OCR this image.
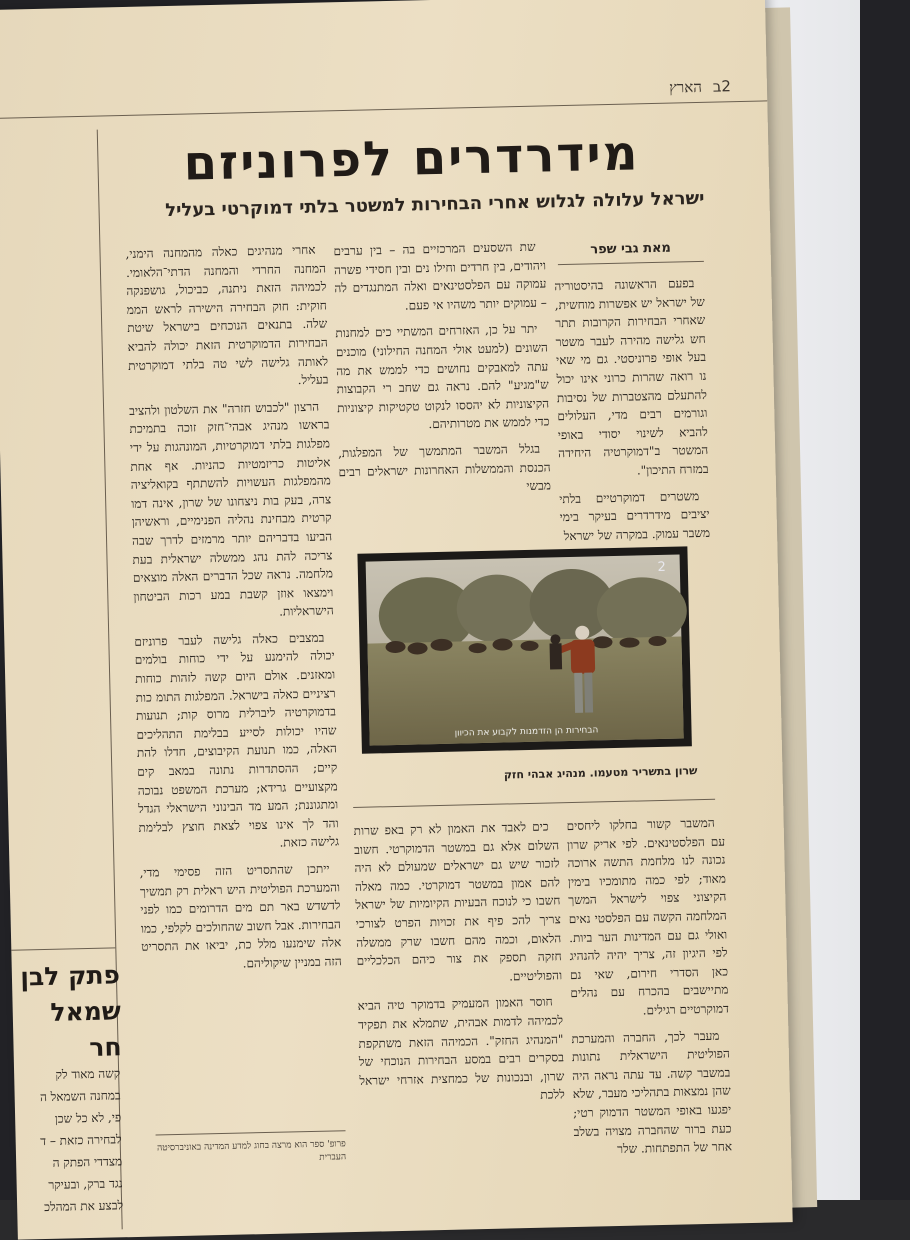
2ב הארץ
מידרדרים לפרוניזם
ישראל עלולה לגלוש אחרי הבחירות למשטר בלתי דמוקרטי בעליל
מאת גבי שפר

בפעם הראשונה בהיסטוריה של ישראל יש אפשרות מוחשית, שאחרי הבחירות הקרובות תתר חש גלישה מהירה לעבר משטר בעל אופי פרוניסטי. גם מי שאי נו רואה שהרות כרוני אינו יכול להתעלם מהצטברות של נסיבות וגורמים רבים מדי, העלולים להביא לשינוי יסודי באופי המשטר ב"דמוקרטיה היחידה במזרח התיכון".

משטרים דמוקרטיים בלתי יציבים מידרדרים בעיקר בימי משבר עמוק. במקרה של ישראל

שת השסעים המרכזיים בה – בין ערבים ויהודים, בין חרדים וחילו נים ובין חסידי פשרה עמוקה עם הפלסטינאים ואלה המתנגדים לה – עמוקים יותר משהיו אי פעם.

יתר על כן, האזרחים המשתיי כים למחנות השונים (למעט אולי המחנה החילוני) מוכנים עתה למאבקים נחושים כדי לממש את מה ש"מגיע" להם. נראה גם שחב רי הקבוצות הקיצוניות לא יהססו לנקוט טקטיקות קיצוניות כדי לממש את מטרותיהם.

בגלל המשבר המתמשך של המפלגות, הכנסת והממשלות האחרונות ישראלים רבים מבשי

אחרי מנהיגים כאלה מהמחנה הימני, המחנה החרדי והמחנה הדתי־הלאומי. לכמיהה הזאת ניתנה, כביכול, גושפנקה חוקית: חוק הבחירה הישירה לראש הממ שלה. בתנאים הנוכחים בישראל שיטת הבחירות הדמוקרטית הזאת יכולה להביא לאותה גלישה לשי טה בלתי דמוקרטית בעליל.

הרצון "לכבוש חזרה" את השלטון ולהציב בראשו מנהיג אבהי־חזק זוכה בתמיכת מפלגות בלתי דמוקרטיות, המונהגות על ידי אליטות כריזמטיות כהניות. אף אחת מהמפלגות העשויות להשתתף בקואליציה צרה, בעק בות ניצחונו של שרון, אינה דמו קרטית מבחינת נהליה הפנימיים, וראשיהן הביעו בדבריהם יותר מרמזים לדרך שבה צריכה להת נהג ממשלה ישראלית בעת מלחמה. נראה שכל הדברים האלה מוצאים וימצאו אוזן קשבת במע רכות הביטחון הישראליות.

במצבים כאלה גלישה לעבר פרוניזם יכולה להימנע על ידי כוחות בולמים ומאזנים. אולם היום קשה לזהות כוחות רציניים כאלה בישראל. המפלגות התומ כות בדמוקרטיה ליברלית מרוס קות; תנועות שהיו יכולות לסייע בבלימת התהליכים האלה, כמו תנועת הקיבוצים, חדלו להת קיים; ההסתדרות נתונה במאב קים מקצועיים גרידא; מערכת המשפט נבוכה ומתגוננת; המע מד הבינוני הישראלי הגדל והד לך אינו צפוי לצאת חוצץ לבלימת גלישה כזאת.

ייתכן שהתסריט הזה פסימי מדי, והמערכת הפוליטית היש ראלית רק תמשיך לדשדש באר תם מים הדרומים כמו לפני הבחירות. אבל חשוב שהחולכים לקלפי, כמו אלה שימנעו מלל כת, יביאו את התסריט הזה במניין שיקוליהם.

2
הבחירות הן הזדמנות לקבוע את הכיוון

שרון בתשריר מטעמו. מנהיג אבהי חזק

המשבר קשור בחלקו ליחסים עם הפלסטינאים. לפי אריק שרון נכונה לנו מלחמת התשה ארוכה מאוד; לפי כמה מתומכיו בימין הקיצוני צפוי לישראל המשך המלחמה הקשה עם הפלסטי נאים ואולי גם עם המדינות הער ביות. לפי היגיון זה, צריך יהיה להנהיג כאן הסדרי חירום, שאי נם מתיישבים בהכרח עם נהלים דמוקרטיים רגילים.

מעבר לכך, החברה והמערכת הפוליטית הישראלית נתונות במשבר קשה. עד עתה נראה היה שהן נמצאות בתהליכי מעבר, שלא יפגעו באופי המשטר הדמוק רטי; כעת ברור שהחברה מצויה בשלב אחר של התפתחות. שלר

כים לאבד את האמון לא רק באפ שרות השלום אלא גם במשטר הדמוקרטי. חשוב לזכור שיש גם ישראלים שמעולם לא היה להם אמון במשטר דמוקרטי. כמה מאלה חשבו כי לנוכח הבעיות הקיומיות של ישראל צריך להכ פיף את זכויות הפרט לצורכי הלאום, וכמה מהם חשבו שרק ממשלה חזקה תספק את צור כיהם הכלכליים והפוליטיים.

חוסר האמון המעמיק בדמוקר טיה הביא לכמיהה לדמות אבהית, שתמלא את תפקיד "המנהיג החזק". הכמיהה הזאת משתקפת בסקרים רבים במסע הבחירות הנוכחי של שרון, ובנכונות של כמחצית אזרחי ישראל ללכת

פרופ' ספר הוא מרצה בחוג למדע המדינה באוניברסיטה העברית

פתק לבן
שמאל חר
קשה מאוד לק
במחנה השמאל ה
פי, לא כל שכן
לבחירה כזאת – ד
מצדדי הפתק ה
נגד ברק, ובעיקר
לבצע את המהלכ
